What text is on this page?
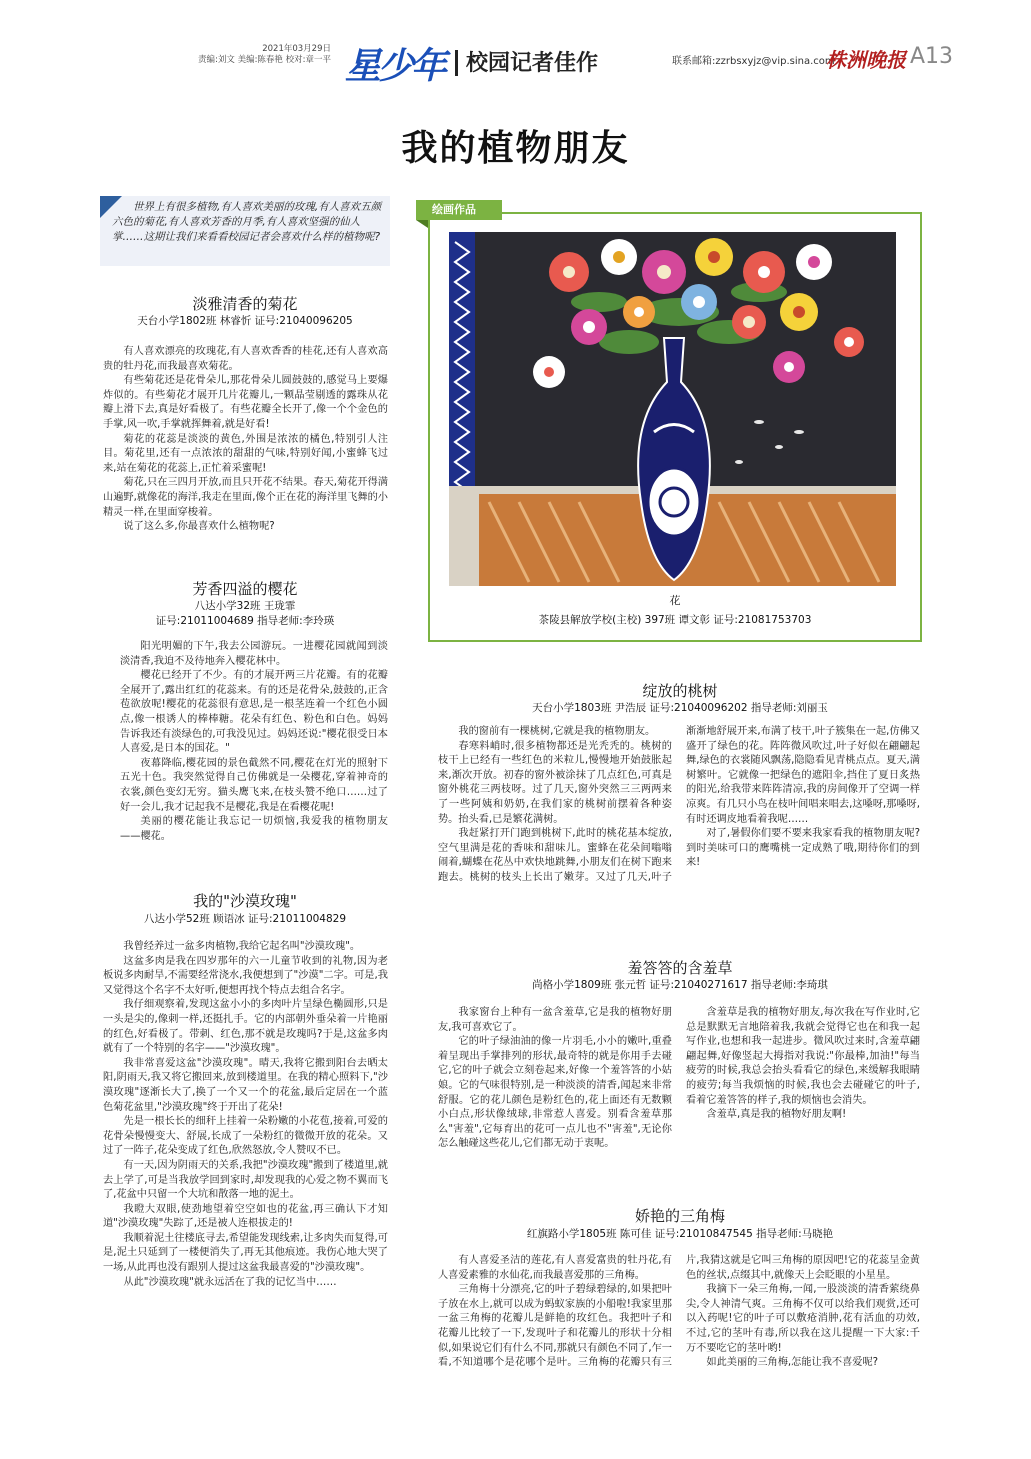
2021年03月29日
责编:刘文 美编:陈春艳 校对:章一平 星少年 校园记者佳作	联系邮箱:zzrbsxyjz@vip.sina.com
株洲晚报 A13
我的植物朋友

世界上有很多植物,有人喜欢美丽的玫瑰,有人喜欢五颜六色的菊花,有人喜欢芳香的月季,有人喜欢坚强的仙人掌……这期让我们来看看校园记者会喜欢什么样的植物呢?

淡雅清香的菊花
天台小学1802班 林睿忻 证号:21040096205

有人喜欢漂亮的玫瑰花,有人喜欢香香的桂花,还有人喜欢高贵的牡丹花,而我最喜欢菊花。

有些菊花还是花骨朵儿,那花骨朵儿圆鼓鼓的,感觉马上要爆炸似的。有些菊花才展开几片花瓣儿,一颗晶莹剔透的露珠从花瓣上滑下去,真是好看极了。有些花瓣全长开了,像一个个金色的手掌,风一吹,手掌就挥舞着,就是好看!

菊花的花蕊是淡淡的黄色,外围是浓浓的橘色,特别引人注目。菊花里,还有一点浓浓的甜甜的气味,特别好闻,小蜜蜂飞过来,站在菊花的花蕊上,正忙着采蜜呢!

菊花,只在三四月开放,而且只开花不结果。春天,菊花开得满山遍野,就像花的海洋,我走在里面,像个正在花的海洋里飞舞的小精灵一样,在里面穿梭着。

说了这么多,你最喜欢什么植物呢?

芳香四溢的樱花
八达小学32班 王珑霏
证号:21011004689 指导老师:李玲瑛

阳光明媚的下午,我去公园游玩。一进樱花园就闻到淡淡清香,我迫不及待地奔入樱花林中。

樱花已经开了不少。有的才展开两三片花瓣。有的花瓣全展开了,露出红红的花蕊来。有的还是花骨朵,鼓鼓的,正含苞欲放呢!樱花的花蕊很有意思,是一根茎连着一个红色小圆点,像一根诱人的棒棒糖。花朵有红色、粉色和白色。妈妈告诉我还有淡绿色的,可我没见过。妈妈还说:"樱花很受日本人喜爱,是日本的国花。"

夜幕降临,樱花园的景色截然不同,樱花在灯光的照射下五光十色。我突然觉得自己仿佛就是一朵樱花,穿着神奇的衣裳,颜色变幻无穷。猫头鹰飞来,在枝头赞不绝口……过了好一会儿,我才记起我不是樱花,我是在看樱花呢!

美丽的樱花能让我忘记一切烦恼,我爱我的植物朋友——樱花。

我的"沙漠玫瑰"
八达小学52班 顾语冰 证号:21011004829

我曾经养过一盆多肉植物,我给它起名叫"沙漠玫瑰"。

这盆多肉是我在四岁那年的六一儿童节收到的礼物,因为老板说多肉耐旱,不需要经常浇水,我便想到了"沙漠"二字。可是,我又觉得这个名字不太好听,便想再找个特点去组合名字。

我仔细观察着,发现这盆小小的多肉叶片呈绿色椭圆形,只是一头是尖的,像刺一样,还挺扎手。它的内部朝外垂朵着一片艳丽的红色,好看极了。带刺、红色,那不就是玫瑰吗?于是,这盆多肉就有了一个特别的名字——"沙漠玫瑰"。

我非常喜爱这盆"沙漠玫瑰"。晴天,我将它搬到阳台去晒太阳,阴雨天,我又将它搬回来,放到楼道里。在我的精心照料下,"沙漠玫瑰"逐渐长大了,换了一个又一个的花盆,最后定居在一个蓝色菊花盆里,"沙漠玫瑰"终于开出了花朵!

先是一根长长的细秆上挂着一朵粉嫩的小花苞,接着,可爱的花骨朵慢慢变大、舒展,长成了一朵粉红的微微开放的花朵。又过了一阵子,花朵变成了红色,欣然怒放,令人赞叹不已。

有一天,因为阴雨天的关系,我把"沙漠玫瑰"搬到了楼道里,就去上学了,可是当我放学回到家时,却发现我的心爱之物不翼而飞了,花盆中只留一个大坑和散落一地的泥土。

我瞪大双眼,使劲地望着空空如也的花盆,再三确认下才知道"沙漠玫瑰"失踪了,还是被人连根拔走的!

我顺着泥土往楼底寻去,希望能发现线索,让多肉失而复得,可是,泥土只延到了一楼便消失了,再无其他痕迹。我伤心地大哭了一场,从此再也没有跟别人提过这盆我最喜爱的"沙漠玫瑰"。

从此"沙漠玫瑰"就永远活在了我的记忆当中……

绘画作品
花
茶陵县解放学校(主校) 397班 谭文彰 证号:21081753703
绽放的桃树
天台小学1803班 尹浩辰 证号:21040096202 指导老师:刘丽玉

我的窗前有一棵桃树,它就是我的植物朋友。

春寒料峭时,很多植物都还是光秃秃的。桃树的枝干上已经有一些红色的米粒儿,慢慢地开始鼓胀起来,渐次开放。初春的窗外被涂抹了几点红色,可真是窗外桃花三两枝呀。过了几天,窗外突然三三两两来了一些阿姨和奶奶,在我们家的桃树前摆着各种姿势。抬头看,已是繁花满树。

我赶紧打开门跑到桃树下,此时的桃花基本绽放,空气里满是花的香味和甜味儿。蜜蜂在花朵间嗡嗡闹着,蝴蝶在花丛中欢快地跳舞,小朋友们在树下跑来跑去。桃树的枝头上长出了嫩芽。又过了几天,叶子渐渐地舒展开来,布满了枝干,叶子簇集在一起,仿佛又盛开了绿色的花。阵阵微风吹过,叶子好似在翩翩起舞,绿色的衣裳随风飘荡,隐隐看见青桃点点。夏天,满树繁叶。它就像一把绿色的遮阳伞,挡住了夏日炙热的阳光,给我带来阵阵清凉,我的房间像开了空调一样凉爽。有几只小鸟在枝叶间唱来唱去,这嗓呀,那嗓呀,有时还调皮地看着我呢……

对了,暑假你们要不要来我家看我的植物朋友呢?到时美味可口的鹰嘴桃一定成熟了哦,期待你们的到来!

羞答答的含羞草
尚格小学1809班 张元哲 证号:21040271617 指导老师:李琦琪

我家窗台上种有一盆含羞草,它是我的植物好朋友,我可喜欢它了。

它的叶子绿油油的像一片羽毛,小小的嫩叶,重叠着呈现出手掌排列的形状,最奇特的就是你用手去碰它,它的叶子就会立刻卷起来,好像一个羞答答的小姑娘。它的气味很特别,是一种淡淡的清香,闻起来非常舒服。它的花儿颜色是粉红色的,花上面还有无数颗小白点,形状像绒球,非常惹人喜爱。别看含羞草那么"害羞",它每育出的花可一点儿也不"害羞",无论你怎么触碰这些花儿,它们都无动于衷呢。

含羞草是我的植物好朋友,每次我在写作业时,它总是默默无言地陪着我,我就会觉得它也在和我一起写作业,也想和我一起进步。微风吹过来时,含羞草翩翩起舞,好像竖起大拇指对我说:"你最棒,加油!"每当疲劳的时候,我总会抬头看看它的绿色,来缓解我眼睛的疲劳;每当我烦恼的时候,我也会去碰碰它的叶子,看着它羞答答的样子,我的烦恼也会消失。

含羞草,真是我的植物好朋友啊!

娇艳的三角梅
红旗路小学1805班 陈可佳 证号:21010847545 指导老师:马晓艳

有人喜爱圣洁的莲花,有人喜爱富贵的牡丹花,有人喜爱素雅的水仙花,而我最喜爱那的三角梅。

三角梅十分漂亮,它的叶子碧绿碧绿的,如果把叶子放在水上,就可以成为蚂蚁家族的小船啦!我家里那一盆三角梅的花瓣儿是鲜艳的玫红色。我把叶子和花瓣儿比较了一下,发现叶子和花瓣儿的形状十分相似,如果说它们有什么不同,那就只有颜色不同了,乍一看,不知道哪个是花哪个是叶。三角梅的花瓣只有三片,我猜这就是它叫三角梅的原因吧!它的花蕊呈金黄色的丝状,点缀其中,就像天上会眨眼的小星星。

我摘下一朵三角梅,一闻,一股淡淡的清香萦绕鼻尖,令人神清气爽。三角梅不仅可以给我们观赏,还可以入药呢!它的叶子可以敷疮消肿,花有活血的功效,不过,它的茎叶有毒,所以我在这儿提醒一下大家:千万不要吃它的茎叶哟!

如此美丽的三角梅,怎能让我不喜爱呢?
